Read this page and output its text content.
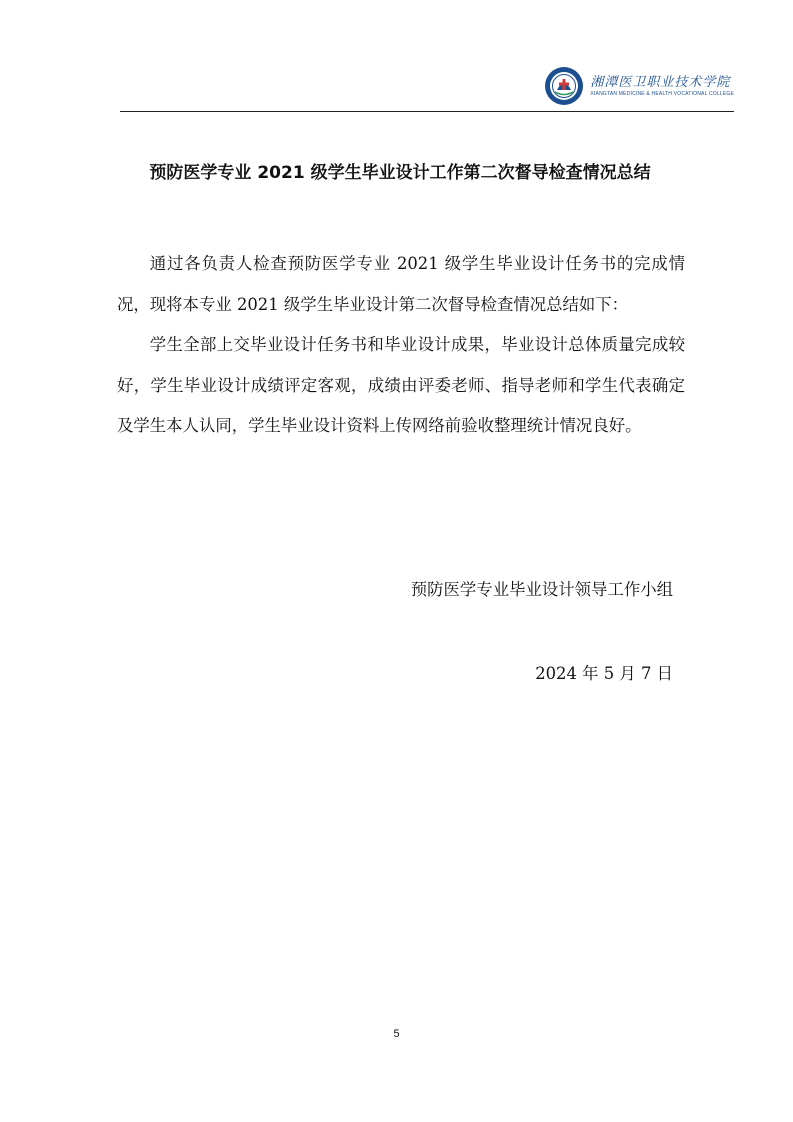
湘潭医卫职业技术学院
XIANGTAN MEDICINE & HEALTH VOCATIONAL COLLEGE
预防医学专业 2021 级学生毕业设计工作第二次督导检查情况总结

通过各负责人检查预防医学专业 2021 级学生毕业设计任务书的完成情况，现将本专业 2021 级学生毕业设计第二次督导检查情况总结如下：

学生全部上交毕业设计任务书和毕业设计成果，毕业设计总体质量完成较好，学生毕业设计成绩评定客观，成绩由评委老师、指导老师和学生代表确定及学生本人认同，学生毕业设计资料上传网络前验收整理统计情况良好。

预防医学专业毕业设计领导工作小组
2024 年 5 月 7 日
5
